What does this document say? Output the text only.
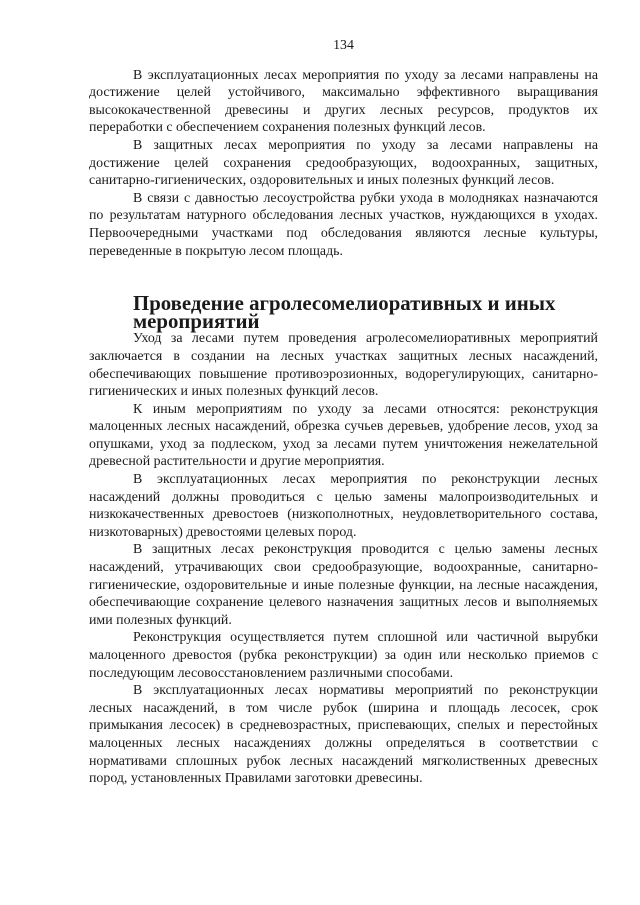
134

В эксплуатационных лесах мероприятия по уходу за лесами направлены на достижение целей устойчивого, максимально эффективного выращивания высококачественной древесины и других лесных ресурсов, продуктов их переработки с обеспечением сохранения полезных функций лесов.

В защитных лесах мероприятия по уходу за лесами направлены на достижение целей сохранения средообразующих, водоохранных, защитных, санитарно-гигиенических, оздоровительных и иных полезных функций лесов.

В связи с давностью лесоустройства рубки ухода в молодняках назначаются по результатам натурного обследования лесных участков, нуждающихся в уходах. Первоочередными участками под обследования являются лесные культуры, переведенные в покрытую лесом площадь.

Проведение агролесомелиоративных и иных мероприятий

Уход за лесами путем проведения агролесомелиоративных мероприятий заключается в создании на лесных участках защитных лесных насаждений, обеспечивающих повышение противоэрозионных, водорегулирующих, санитарно-гигиенических и иных полезных функций лесов.

К иным мероприятиям по уходу за лесами относятся: реконструкция малоценных лесных насаждений, обрезка сучьев деревьев, удобрение лесов, уход за опушками, уход за подлеском, уход за лесами путем уничтожения нежелательной древесной растительности и другие мероприятия.

В эксплуатационных лесах мероприятия по реконструкции лесных насаждений должны проводиться с целью замены малопроизводительных и низкокачественных древостоев (низкополнотных, неудовлетворительного состава, низкотоварных) древостоями целевых пород.

В защитных лесах реконструкция проводится с целью замены лесных насаждений, утрачивающих свои средообразующие, водоохранные, санитарно-гигиенические, оздоровительные и иные полезные функции, на лесные насаждения, обеспечивающие сохранение целевого назначения защитных лесов и выполняемых ими полезных функций.

Реконструкция осуществляется путем сплошной или частичной вырубки малоценного древостоя (рубка реконструкции) за один или несколько приемов с последующим лесовосстановлением различными способами.

В эксплуатационных лесах нормативы мероприятий по реконструкции лесных насаждений, в том числе рубок (ширина и площадь лесосек, срок примыкания лесосек) в средневозрастных, приспевающих, спелых и перестойных малоценных лесных насаждениях должны определяться в соответствии с нормативами сплошных рубок лесных насаждений мягколиственных древесных пород, установленных Правилами заготовки древесины.
